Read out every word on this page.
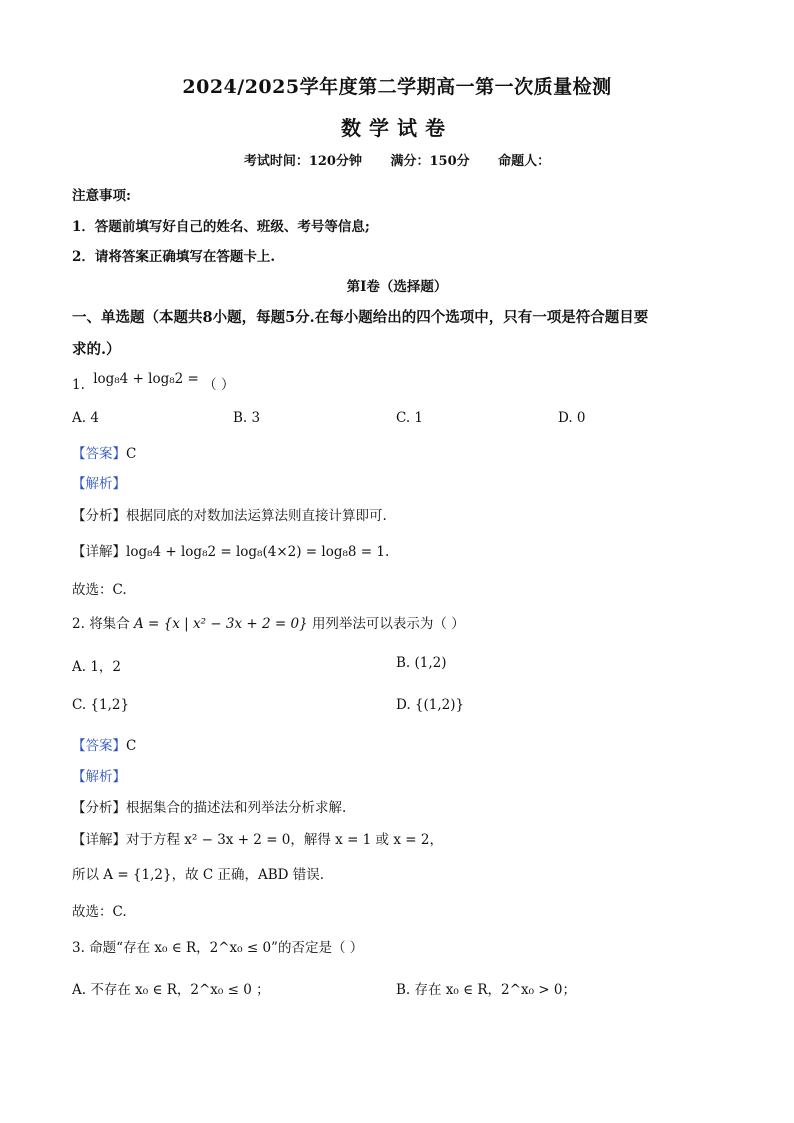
2024/2025学年度第二学期高一第一次质量检测
数学试卷
考试时间：120分钟 满分：150分 命题人：
注意事项:
1．答题前填写好自己的姓名、班级、考号等信息;
2．请将答案正确填写在答题卡上.
第I卷（选择题）
一、单选题（本题共8小题，每题5分.在每小题给出的四个选项中，只有一项是符合题目要
求的.）
1. log₈4 + log₈2 = （ ）
A. 4	B. 3	C. 1	D. 0
【答案】C
【解析】
【分析】根据同底的对数加法运算法则直接计算即可.
【详解】log₈4 + log₈2 = log₈(4×2) = log₈8 = 1.
故选：C.
2. 将集合 A = {x | x² − 3x + 2 = 0} 用列举法可以表示为（ ）
A. 1，2	B. (1,2)
C. {1,2}	D. {(1,2)}
【答案】C
【解析】
【分析】根据集合的描述法和列举法分析求解.
【详解】对于方程 x² − 3x + 2 = 0，解得 x = 1 或 x = 2，
所以 A = {1,2}，故 C 正确，ABD 错误.
故选：C.
3. 命题“存在 x₀ ∈ R，2^x₀ ≤ 0”的否定是（ ）
A. 不存在 x₀ ∈ R，2^x₀ ≤ 0 ；	B. 存在 x₀ ∈ R，2^x₀ > 0；
